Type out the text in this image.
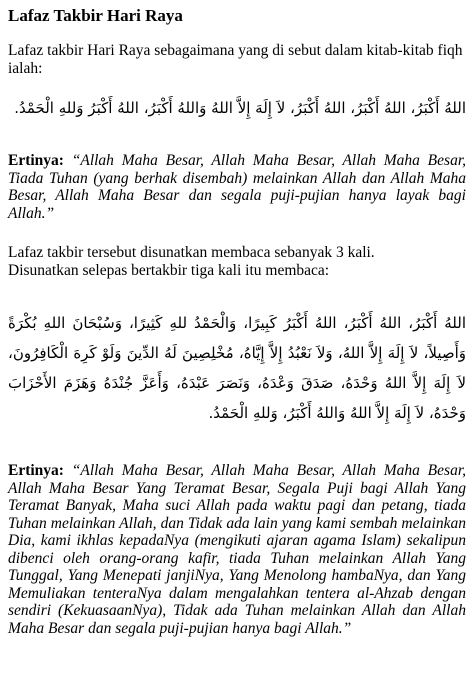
Lafaz Takbir Hari Raya
Lafaz takbir Hari Raya sebagaimana yang di sebut dalam kitab-kitab fiqh ialah:
اللهُ أَكْبَرُ، اللهُ أَكْبَرُ، اللهُ أَكْبَرُ، لاَ إِلَهَ إِلاَّ اللهُ وَاللهُ أَكْبَرُ، اللهُ أَكْبَرُ وَللهِ الْحَمْدُ.
Ertinya: “Allah Maha Besar, Allah Maha Besar, Allah Maha Besar, Tiada Tuhan (yang berhak disembah) melainkan Allah dan Allah Maha Besar, Allah Maha Besar dan segala puji-pujian hanya layak bagi Allah.”
Lafaz takbir tersebut disunatkan membaca sebanyak 3 kali.
Disunatkan selepas bertakbir tiga kali itu membaca:
اللهُ أَكْبَرُ، اللهُ أَكْبَرُ، اللهُ أَكْبَرُ كَبِيرًا، وَالْحَمْدُ للهِ كَثِيرًا، وَسُبْحَانَ اللهِ بُكْرَةً وَأَصِيلاً، لاَ إِلَهَ إِلاَّ اللهُ، وَلاَ نَعْبُدُ إِلاَّ إِيَّاهُ، مُخْلِصِينَ لَهُ الدِّينَ وَلَوْ كَرِهَ الْكَافِرُونَ، لاَ إِلَهَ إِلاَّ اللهُ وَحْدَهُ، صَدَقَ وَعْدَهُ، وَنَصَرَ عَبْدَهُ، وَأَعَزَّ جُنْدَهُ وَهَزَمَ الأَحْزَابَ وَحْدَهُ، لاَ إِلَهَ إِلاَّ اللهُ وَاللهُ أَكْبَرُ، وَللهِ الْحَمْدُ.
Ertinya: “Allah Maha Besar, Allah Maha Besar, Allah Maha Besar, Allah Maha Besar Yang Teramat Besar, Segala Puji bagi Allah Yang Teramat Banyak, Maha suci Allah pada waktu pagi dan petang, tiada Tuhan melainkan Allah, dan Tidak ada lain yang kami sembah melainkan Dia, kami ikhlas kepadaNya (mengikuti ajaran agama Islam) sekalipun dibenci oleh orang-orang kafir, tiada Tuhan melainkan Allah Yang Tunggal, Yang Menepati janjiNya, Yang Menolong hambaNya, dan Yang Memuliakan tenteraNya dalam mengalahkan tentera al-Ahzab dengan sendiri (KekuasaanNya), Tidak ada Tuhan melainkan Allah dan Allah Maha Besar dan segala puji-pujian hanya bagi Allah.”
